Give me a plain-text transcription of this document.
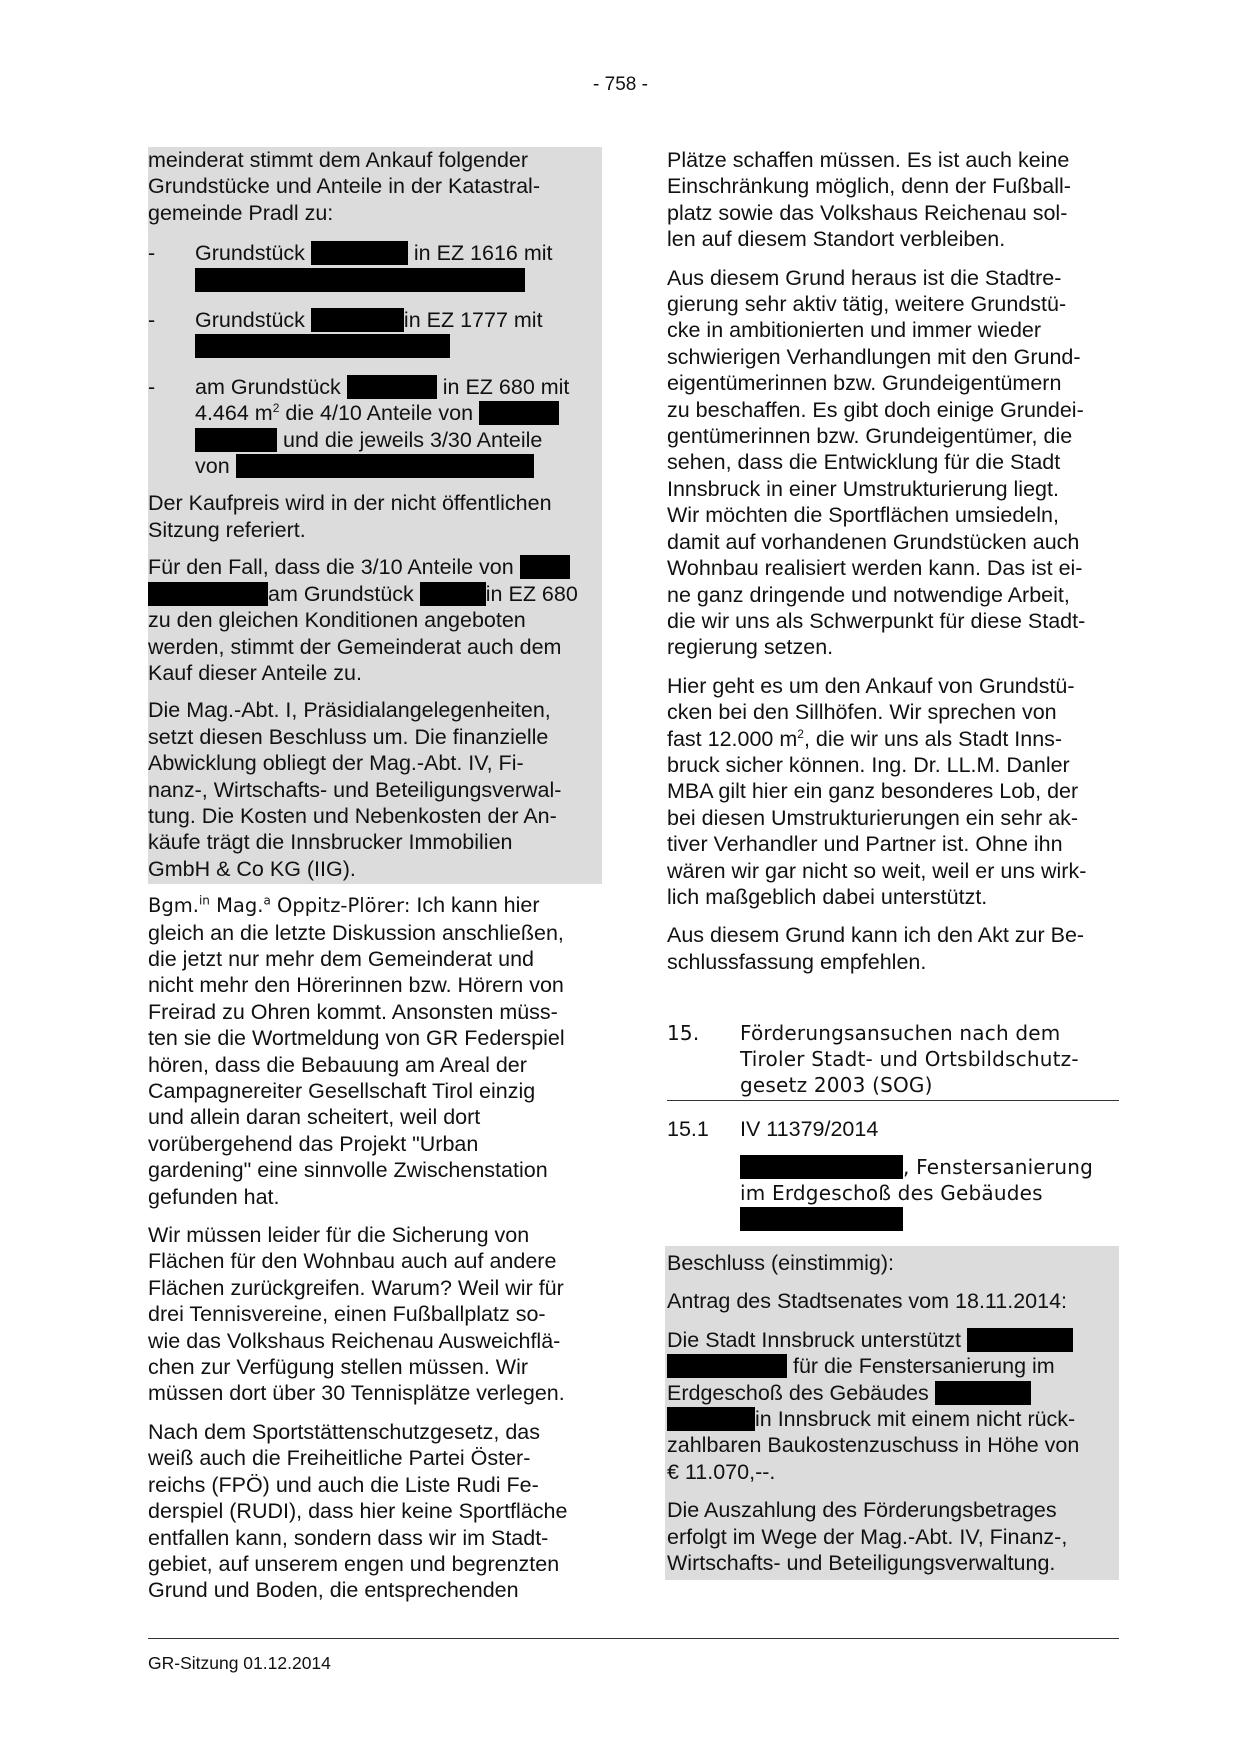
- 758 -

meinderat stimmt dem Ankauf folgender
Grundstücke und Anteile in der Katastral-
gemeinde Pradl zu:

- Grundstück	in EZ 1616 mit

- Grundstück	in EZ 1777 mit

- am Grundstück	in EZ 680 mit
4.464 $m^2$ die 4/10 Anteile von
und die jeweils 3/30 Anteile
von

Der Kaufpreis wird in der nicht öffentlichen
Sitzung referiert.

Für den Fall, dass die 3/10 Anteile von
am Grundstück	in EZ 680
zu den gleichen Konditionen angeboten
werden, stimmt der Gemeinderat auch dem
Kauf dieser Anteile zu.

Die Mag.-Abt. I, Präsidialangelegenheiten,
setzt diesen Beschluss um. Die finanzielle
Abwicklung obliegt der Mag.-Abt. IV, Fi-
nanz-, Wirtschafts- und Beteiligungsverwal-
tung. Die Kosten und Nebenkosten der An-
käufe trägt die Innsbrucker Immobilien
GmbH & Co KG (IIG).

Bgm.$^{in}$ Mag.$^a$ Oppitz-Plörer: Ich kann hier
gleich an die letzte Diskussion anschließen,
die jetzt nur mehr dem Gemeinderat und
nicht mehr den Hörerinnen bzw. Hörern von
Freirad zu Ohren kommt. Ansonsten müss-
ten sie die Wortmeldung von GR Federspiel
hören, dass die Bebauung am Areal der
Campagnereiter Gesellschaft Tirol einzig
und allein daran scheitert, weil dort
vorübergehend das Projekt "Urban
gardening" eine sinnvolle Zwischenstation
gefunden hat.

Wir müssen leider für die Sicherung von
Flächen für den Wohnbau auch auf andere
Flächen zurückgreifen. Warum? Weil wir für
drei Tennisvereine, einen Fußballplatz so-
wie das Volkshaus Reichenau Ausweichflä-
chen zur Verfügung stellen müssen. Wir
müssen dort über 30 Tennisplätze verlegen.

Nach dem Sportstättenschutzgesetz, das
weiß auch die Freiheitliche Partei Öster-
reichs (FPÖ) und auch die Liste Rudi Fe-
derspiel (RUDI), dass hier keine Sportfläche
entfallen kann, sondern dass wir im Stadt-
gebiet, auf unserem engen und begrenzten
Grund und Boden, die entsprechenden

Plätze schaffen müssen. Es ist auch keine
Einschränkung möglich, denn der Fußball-
platz sowie das Volkshaus Reichenau sol-
len auf diesem Standort verbleiben.

Aus diesem Grund heraus ist die Stadtre-
gierung sehr aktiv tätig, weitere Grundstü-
cke in ambitionierten und immer wieder
schwierigen Verhandlungen mit den Grund-
eigentümerinnen bzw. Grundeigentümern
zu beschaffen. Es gibt doch einige Grundei-
gentümerinnen bzw. Grundeigentümer, die
sehen, dass die Entwicklung für die Stadt
Innsbruck in einer Umstrukturierung liegt.
Wir möchten die Sportflächen umsiedeln,
damit auf vorhandenen Grundstücken auch
Wohnbau realisiert werden kann. Das ist ei-
ne ganz dringende und notwendige Arbeit,
die wir uns als Schwerpunkt für diese Stadt-
regierung setzen.

Hier geht es um den Ankauf von Grundstü-
cken bei den Sillhöfen. Wir sprechen von
fast 12.000 $m^2$, die wir uns als Stadt Inns-
bruck sicher können. Ing. Dr. LL.M. Danler
MBA gilt hier ein ganz besonderes Lob, der
bei diesen Umstrukturierungen ein sehr ak-
tiver Verhandler und Partner ist. Ohne ihn
wären wir gar nicht so weit, weil er uns wirk-
lich maßgeblich dabei unterstützt.

Aus diesem Grund kann ich den Akt zur Be-
schlussfassung empfehlen.

15. Förderungsansuchen nach dem
Tiroler Stadt- und Ortsbildschutz-
gesetz 2003 (SOG)
15.1 IV 11379/2014
, Fenstersanierung
im Erdgeschoß des Gebäudes

Beschluss (einstimmig):

Antrag des Stadtsenates vom 18.11.2014:

Die Stadt Innsbruck unterstützt
für die Fenstersanierung im
Erdgeschoß des Gebäudes
in Innsbruck mit einem nicht rück-
zahlbaren Baukostenzuschuss in Höhe von
€ 11.070,--.

Die Auszahlung des Förderungsbetrages
erfolgt im Wege der Mag.-Abt. IV, Finanz-,
Wirtschafts- und Beteiligungsverwaltung.

GR-Sitzung 01.12.2014
